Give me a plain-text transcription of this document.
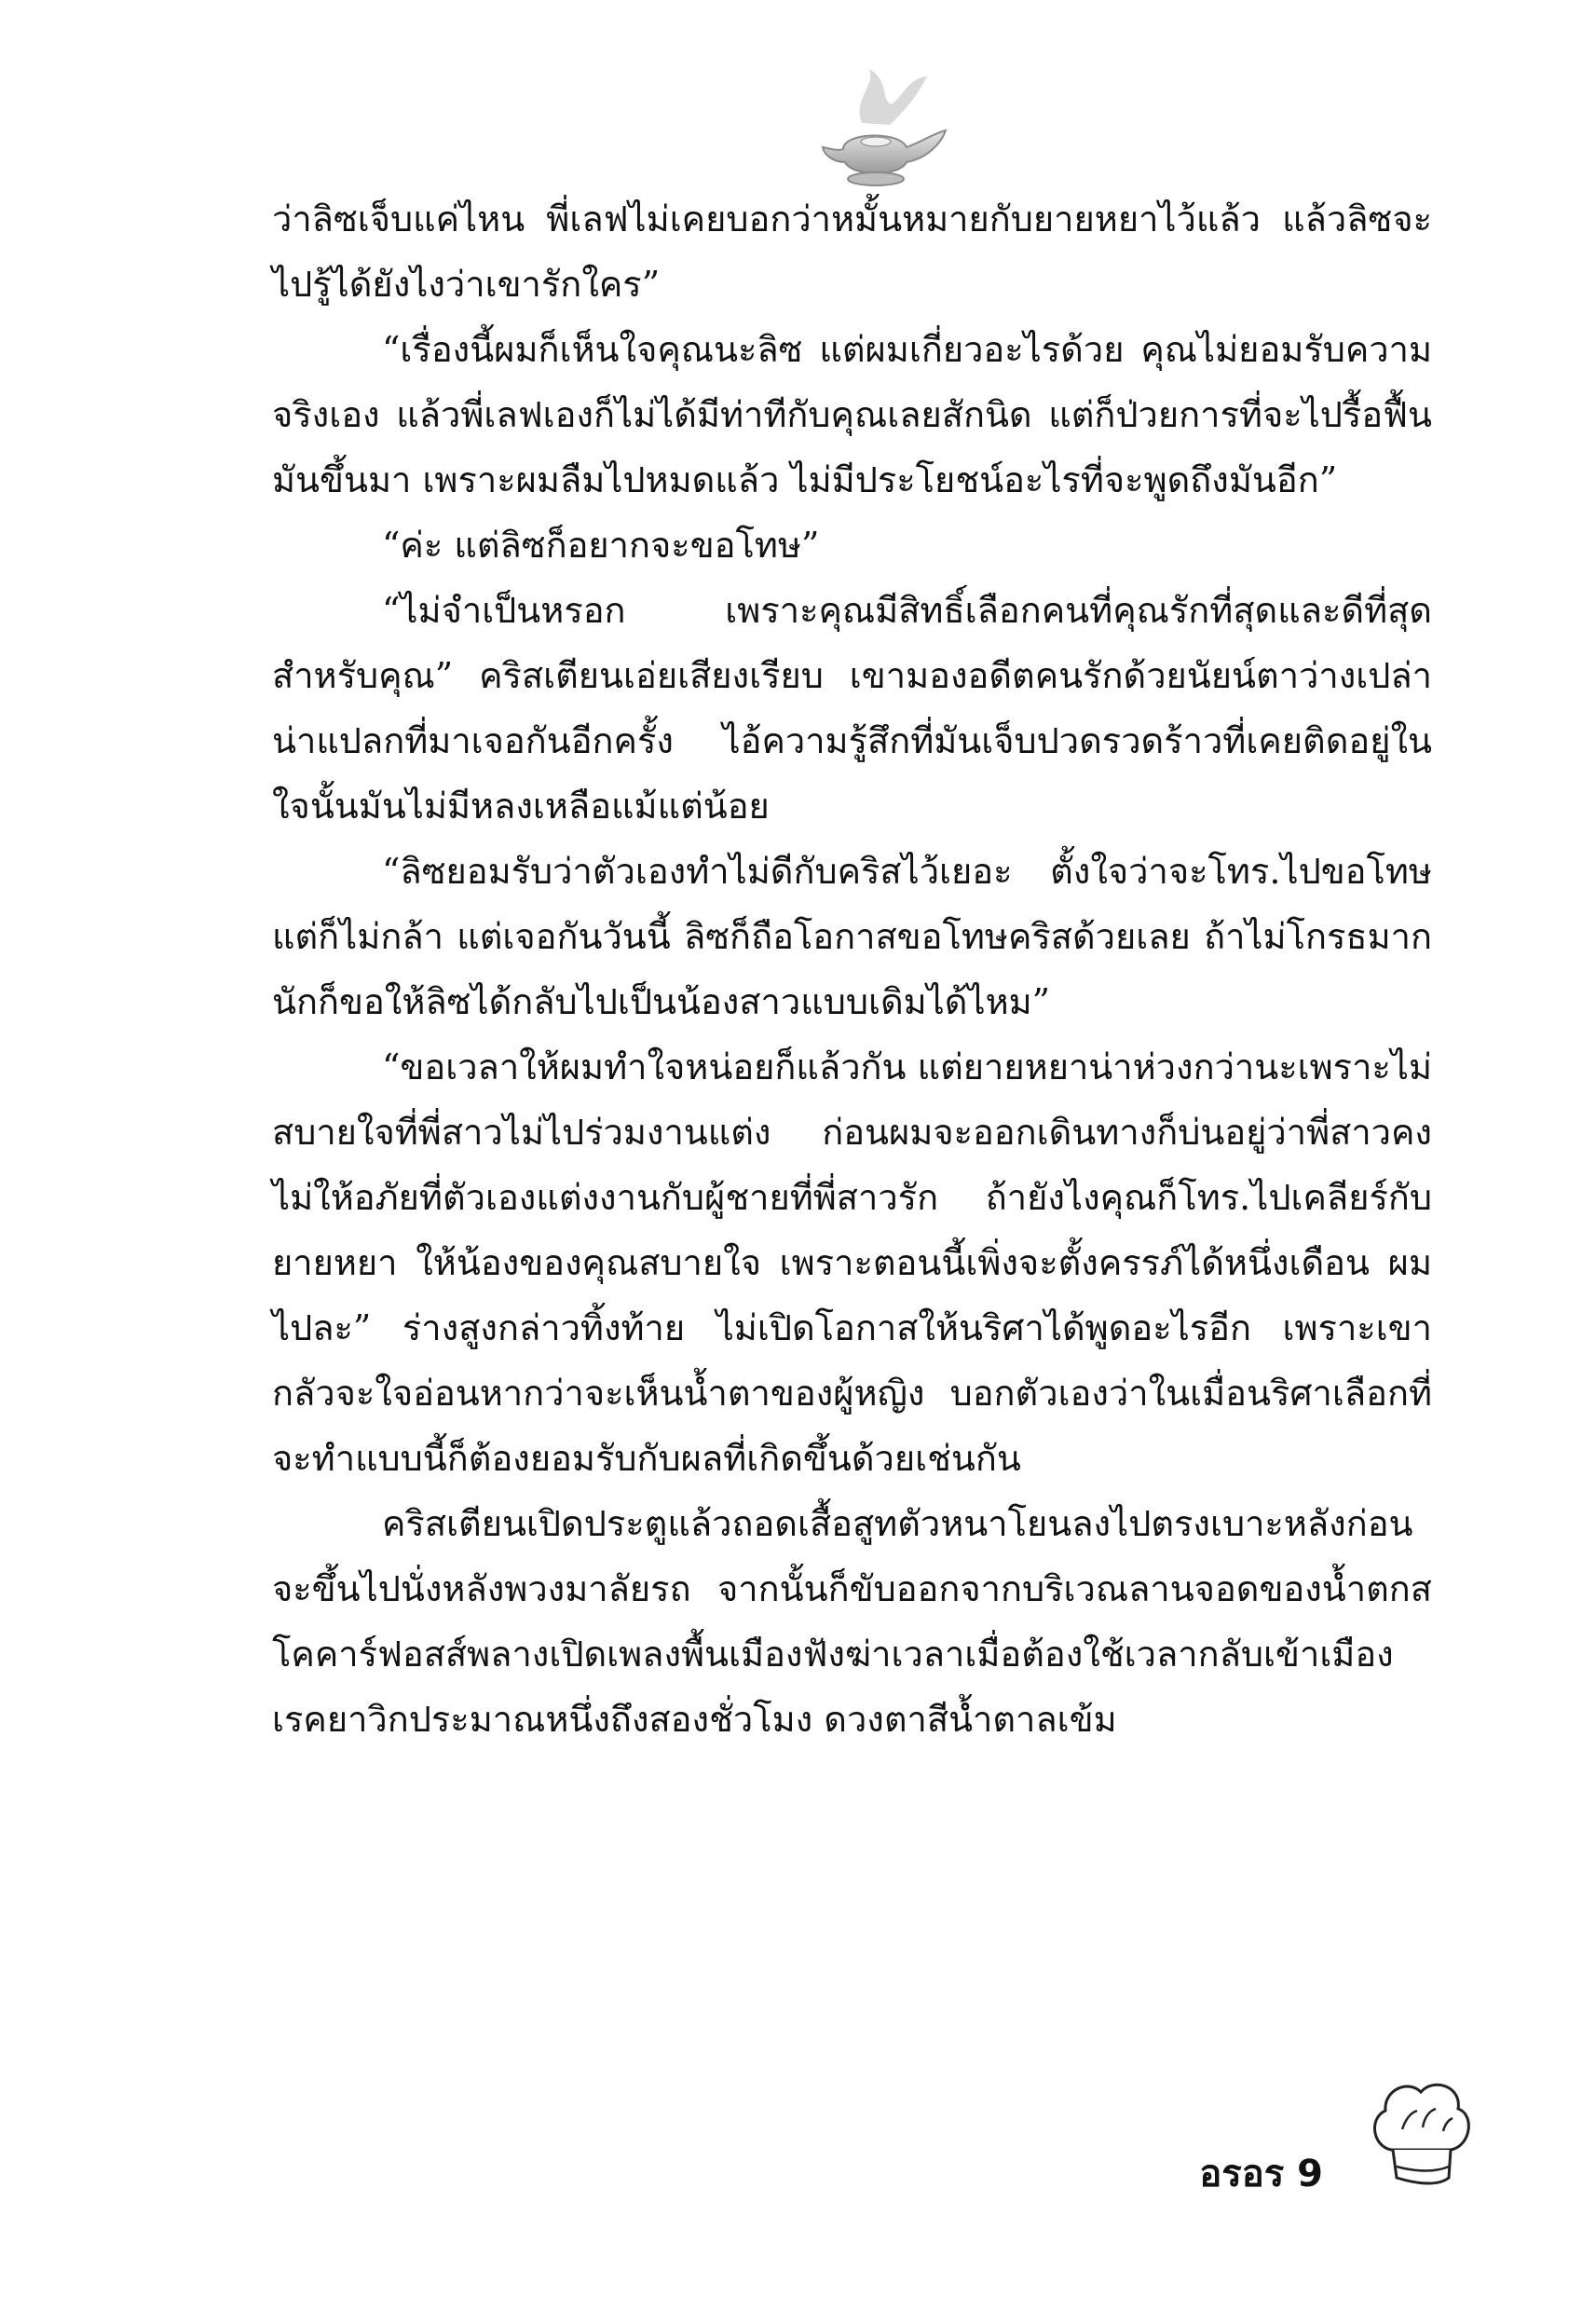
ว่าลิซเจ็บแค่ไหน พี่เลฟไม่เคยบอกว่าหมั้นหมายกับยายหยาไว้แล้ว แล้วลิซจะไปรู้ได้ยังไงว่าเขารักใคร”

“เรื่องนี้ผมก็เห็นใจคุณนะลิซ แต่ผมเกี่ยวอะไรด้วย คุณไม่ยอมรับความจริงเอง แล้วพี่เลฟเองก็ไม่ได้มีท่าทีกับคุณเลยสักนิด แต่ก็ป่วยการที่จะไปรื้อฟื้นมันขึ้นมา เพราะผมลืมไปหมดแล้ว ไม่มีประโยชน์อะไรที่จะพูดถึงมันอีก”

“ค่ะ แต่ลิซก็อยากจะขอโทษ”

“ไม่จำเป็นหรอก เพราะคุณมีสิทธิ์เลือกคนที่คุณรักที่สุดและดีที่สุดสำหรับคุณ” คริสเตียนเอ่ยเสียงเรียบ เขามองอดีตคนรักด้วยนัยน์ตาว่างเปล่า น่าแปลกที่มาเจอกันอีกครั้ง ไอ้ความรู้สึกที่มันเจ็บปวดรวดร้าวที่เคยติดอยู่ในใจนั้นมันไม่มีหลงเหลือแม้แต่น้อย

“ลิซยอมรับว่าตัวเองทำไม่ดีกับคริสไว้เยอะ ตั้งใจว่าจะโทร.ไปขอโทษแต่ก็ไม่กล้า แต่เจอกันวันนี้ ลิซก็ถือโอกาสขอโทษคริสด้วยเลย ถ้าไม่โกรธมากนักก็ขอให้ลิซได้กลับไปเป็นน้องสาวแบบเดิมได้ไหม”

“ขอเวลาให้ผมทำใจหน่อยก็แล้วกัน แต่ยายหยาน่าห่วงกว่านะเพราะไม่สบายใจที่พี่สาวไม่ไปร่วมงานแต่ง ก่อนผมจะออกเดินทางก็บ่นอยู่ว่าพี่สาวคงไม่ให้อภัยที่ตัวเองแต่งงานกับผู้ชายที่พี่สาวรัก ถ้ายังไงคุณก็โทร.ไปเคลียร์กับยายหยา ให้น้องของคุณสบายใจ เพราะตอนนี้เพิ่งจะตั้งครรภ์ได้หนึ่งเดือน ผมไปละ” ร่างสูงกล่าวทิ้งท้าย ไม่เปิดโอกาสให้นริศาได้พูดอะไรอีก เพราะเขากลัวจะใจอ่อนหากว่าจะเห็นน้ำตาของผู้หญิง บอกตัวเองว่าในเมื่อนริศาเลือกที่จะทำแบบนี้ก็ต้องยอมรับกับผลที่เกิดขึ้นด้วยเช่นกัน

คริสเตียนเปิดประตูแล้วถอดเสื้อสูทตัวหนาโยนลงไปตรงเบาะหลังก่อนจะขึ้นไปนั่งหลังพวงมาลัยรถ จากนั้นก็ขับออกจากบริเวณลานจอดของน้ำตกสโคคาร์ฟอสส์พลางเปิดเพลงพื้นเมืองฟังฆ่าเวลาเมื่อต้องใช้เวลากลับเข้าเมืองเรคยาวิกประมาณหนึ่งถึงสองชั่วโมง ดวงตาสีน้ำตาลเข้ม

อรอร 9
